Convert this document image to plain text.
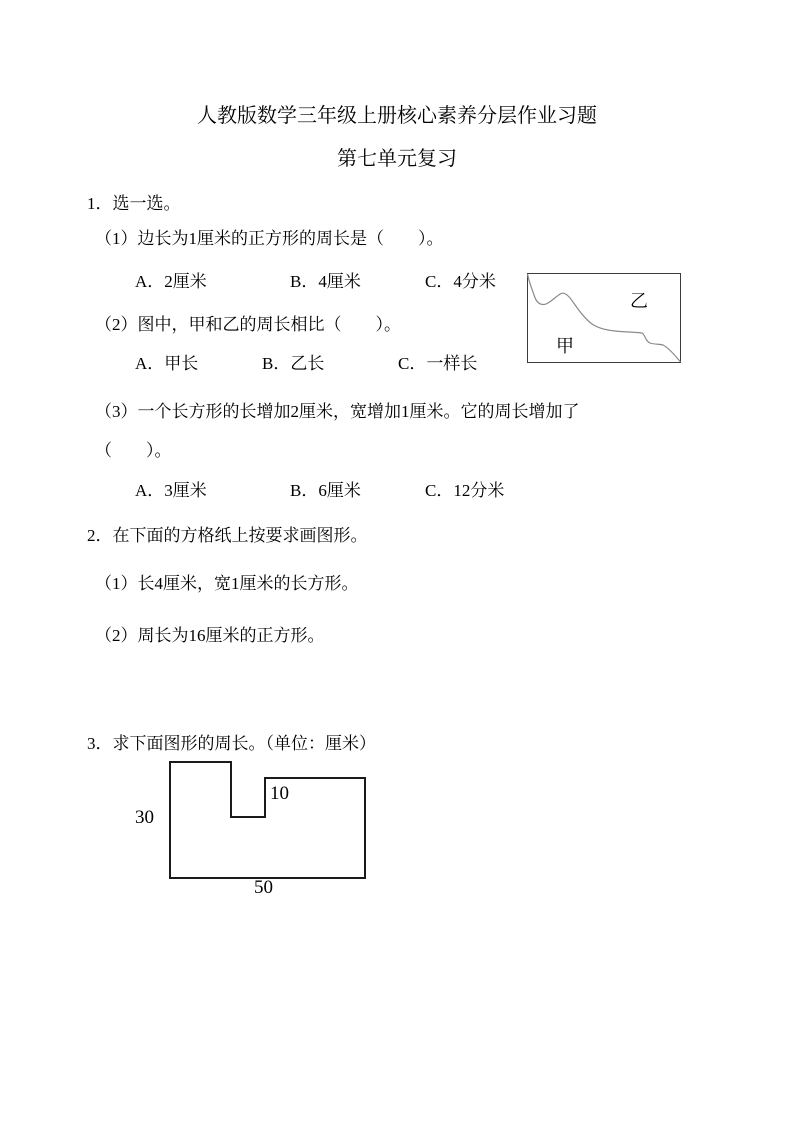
人教版数学三年级上册核心素养分层作业习题
第七单元复习
1．选一选。
（1）边长为1厘米的正方形的周长是（　　）。
A．2厘米	B．4厘米	C．4分米
（2）图中，甲和乙的周长相比（　　）。
A．甲长	B．乙长	C．一样长
乙
甲
（3）一个长方形的长增加2厘米，宽增加1厘米。它的周长增加了
（　　）。
A．3厘米	B．6厘米	C．12分米
2．在下面的方格纸上按要求画图形。
（1）长4厘米，宽1厘米的长方形。
（2）周长为16厘米的正方形。
3．求下面图形的周长。（单位：厘米）
30
10
50
